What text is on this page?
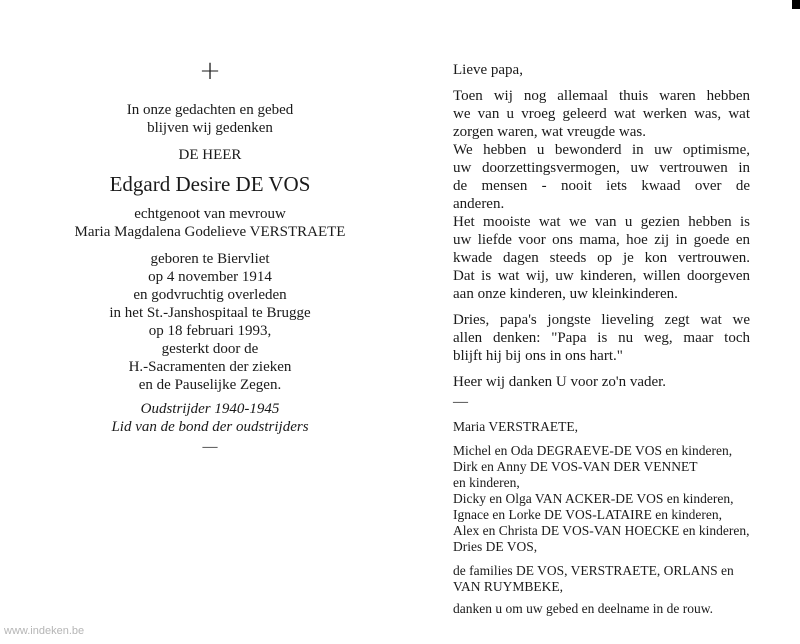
+
In onze gedachten en gebed
blijven wij gedenken
DE HEER
Edgard Desire DE VOS
echtgenoot van mevrouw
Maria Magdalena Godelieve VERSTRAETE
geboren te Biervliet
op 4 november 1914
en godvruchtig overleden
in het St.-Janshospitaal te Brugge
op 18 februari 1993,
gesterkt door de
H.-Sacramenten der zieken
en de Pauselijke Zegen.
Oudstrijder 1940-1945
Lid van de bond der oudstrijders
—
Lieve papa,
Toen wij nog allemaal thuis waren hebben
we van u vroeg geleerd wat werken was, wat
zorgen waren, wat vreugde was.
We hebben u bewonderd in uw optimisme,
uw doorzettingsvermogen, uw vertrouwen in
de mensen - nooit iets kwaad over de
anderen.
Het mooiste wat we van u gezien hebben is
uw liefde voor ons mama, hoe zij in goede en
kwade dagen steeds op je kon vertrouwen.
Dat is wat wij, uw kinderen, willen doorgeven
aan onze kinderen, uw kleinkinderen.
Dries, papa's jongste lieveling zegt wat we
allen denken: "Papa is nu weg, maar toch
blijft hij bij ons in ons hart."
Heer wij danken U voor zo'n vader.
—
Maria VERSTRAETE,
Michel en Oda DEGRAEVE-DE VOS en kinderen,
Dirk en Anny DE VOS-VAN DER VENNET
en kinderen,
Dicky en Olga VAN ACKER-DE VOS en kinderen,
Ignace en Lorke DE VOS-LATAIRE en kinderen,
Alex en Christa DE VOS-VAN HOECKE en kinderen,
Dries DE VOS,
de families DE VOS, VERSTRAETE, ORLANS en
VAN RUYMBEKE,
danken u om uw gebed en deelname in de rouw.
www.indeken.be
